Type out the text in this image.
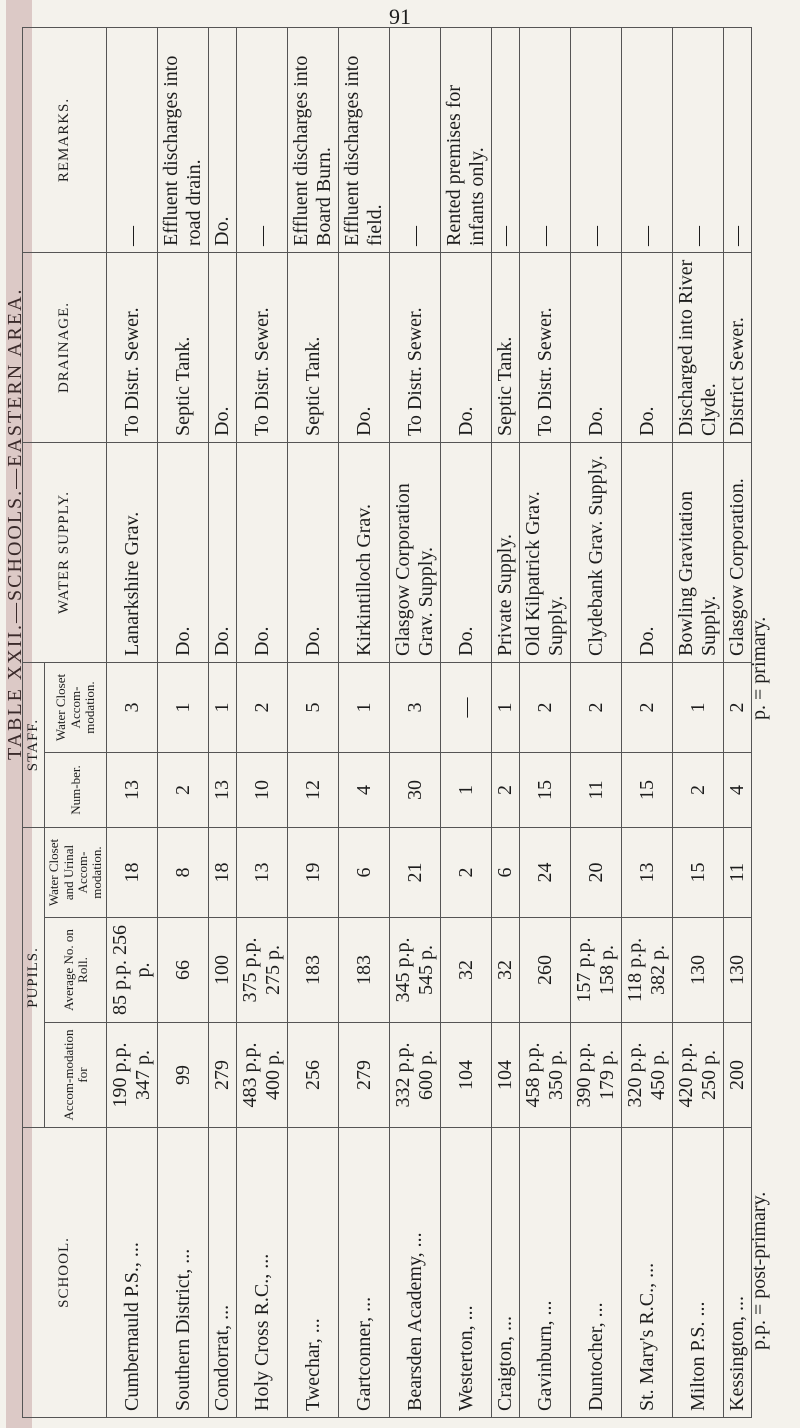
TABLE XXII.—SCHOOLS.—EASTERN AREA.
91
SCHOOL.	PUPILS.			STAFF.		WATER SUPPLY.	DRAINAGE.	REMARKS.
	Accom-modation for	Average No. on Roll.	Water Closet and Urinal Accom-modation.	Num-ber.	Water Closet Accom-modation.			
Cumbernauld P.S., ...	190 p.p. 347 p.	85 p.p. 256 p.	18	13	3	Lanarkshire Grav.	To Distr. Sewer.	—
Southern District, ...	99	66	8	2	1	Do.	Septic Tank.	Effluent discharges into road drain.
Condorrat, ...	279	100	18	13	1	Do.	Do.	Do.
Holy Cross R.C., ...	483 p.p. 400 p.	375 p.p. 275 p.	13	10	2	Do.	To Distr. Sewer.	—
Twechar, ...	256	183	19	12	5	Do.	Septic Tank.	Effluent discharges into Board Burn.
Gartconner, ...	279	183	6	4	1	Kirkintilloch Grav.	Do.	Effluent discharges into field.
Bearsden Academy, ...	332 p.p. 600 p.	345 p.p. 545 p.	21	30	3	Glasgow Corporation Grav. Supply.	To Distr. Sewer.	—
Westerton, ...	104	32	2	1	—	Do.	Do.	Rented premises for infants only.
Craigton, ...	104	32	6	2	1	Private Supply.	Septic Tank.	—
Gavinburn, ...	458 p.p. 350 p.	260	24	15	2	Old Kilpatrick Grav. Supply.	To Distr. Sewer.	—
Duntocher, ...	390 p.p. 179 p.	157 p.p. 158 p.	20	11	2	Clydebank Grav. Supply.	Do.	—
St. Mary's R.C., ...	320 p.p. 450 p.	118 p.p. 382 p.	13	15	2	Do.	Do.	—
Milton P.S. ...	420 p.p. 250 p.	130	15	2	1	Bowling Gravitation Supply.	Discharged into River Clyde.	—
Kessington, ...	200	130	11	4	2	Glasgow Corporation.	District Sewer.	—
p.p. = post-primary.
p. = primary.
